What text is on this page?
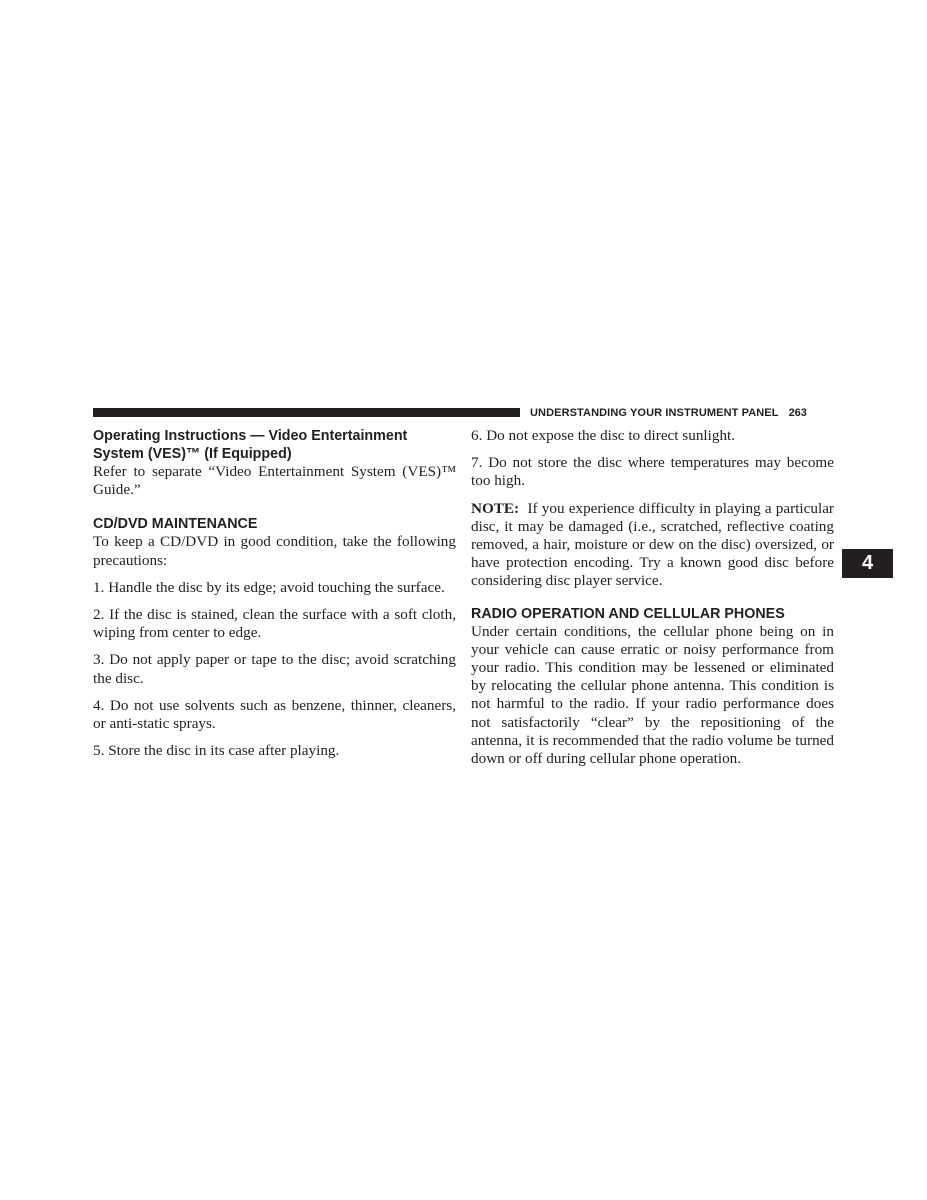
UNDERSTANDING YOUR INSTRUMENT PANEL 263
4
Operating Instructions — Video Entertainment System (VES)™ (If Equipped)

Refer to separate “Video Entertainment System (VES)™ Guide.”

CD/DVD MAINTENANCE

To keep a CD/DVD in good condition, take the following precautions:

1. Handle the disc by its edge; avoid touching the surface.

2. If the disc is stained, clean the surface with a soft cloth, wiping from center to edge.

3. Do not apply paper or tape to the disc; avoid scratching the disc.

4. Do not use solvents such as benzene, thinner, cleaners, or anti-static sprays.

5. Store the disc in its case after playing.

6. Do not expose the disc to direct sunlight.

7. Do not store the disc where temperatures may become too high.

NOTE: If you experience difficulty in playing a particular disc, it may be damaged (i.e., scratched, reflective coating removed, a hair, moisture or dew on the disc) oversized, or have protection encoding. Try a known good disc before considering disc player service.

RADIO OPERATION AND CELLULAR PHONES

Under certain conditions, the cellular phone being on in your vehicle can cause erratic or noisy performance from your radio. This condition may be lessened or eliminated by relocating the cellular phone antenna. This condition is not harmful to the radio. If your radio performance does not satisfactorily “clear” by the repositioning of the antenna, it is recommended that the radio volume be turned down or off during cellular phone operation.
